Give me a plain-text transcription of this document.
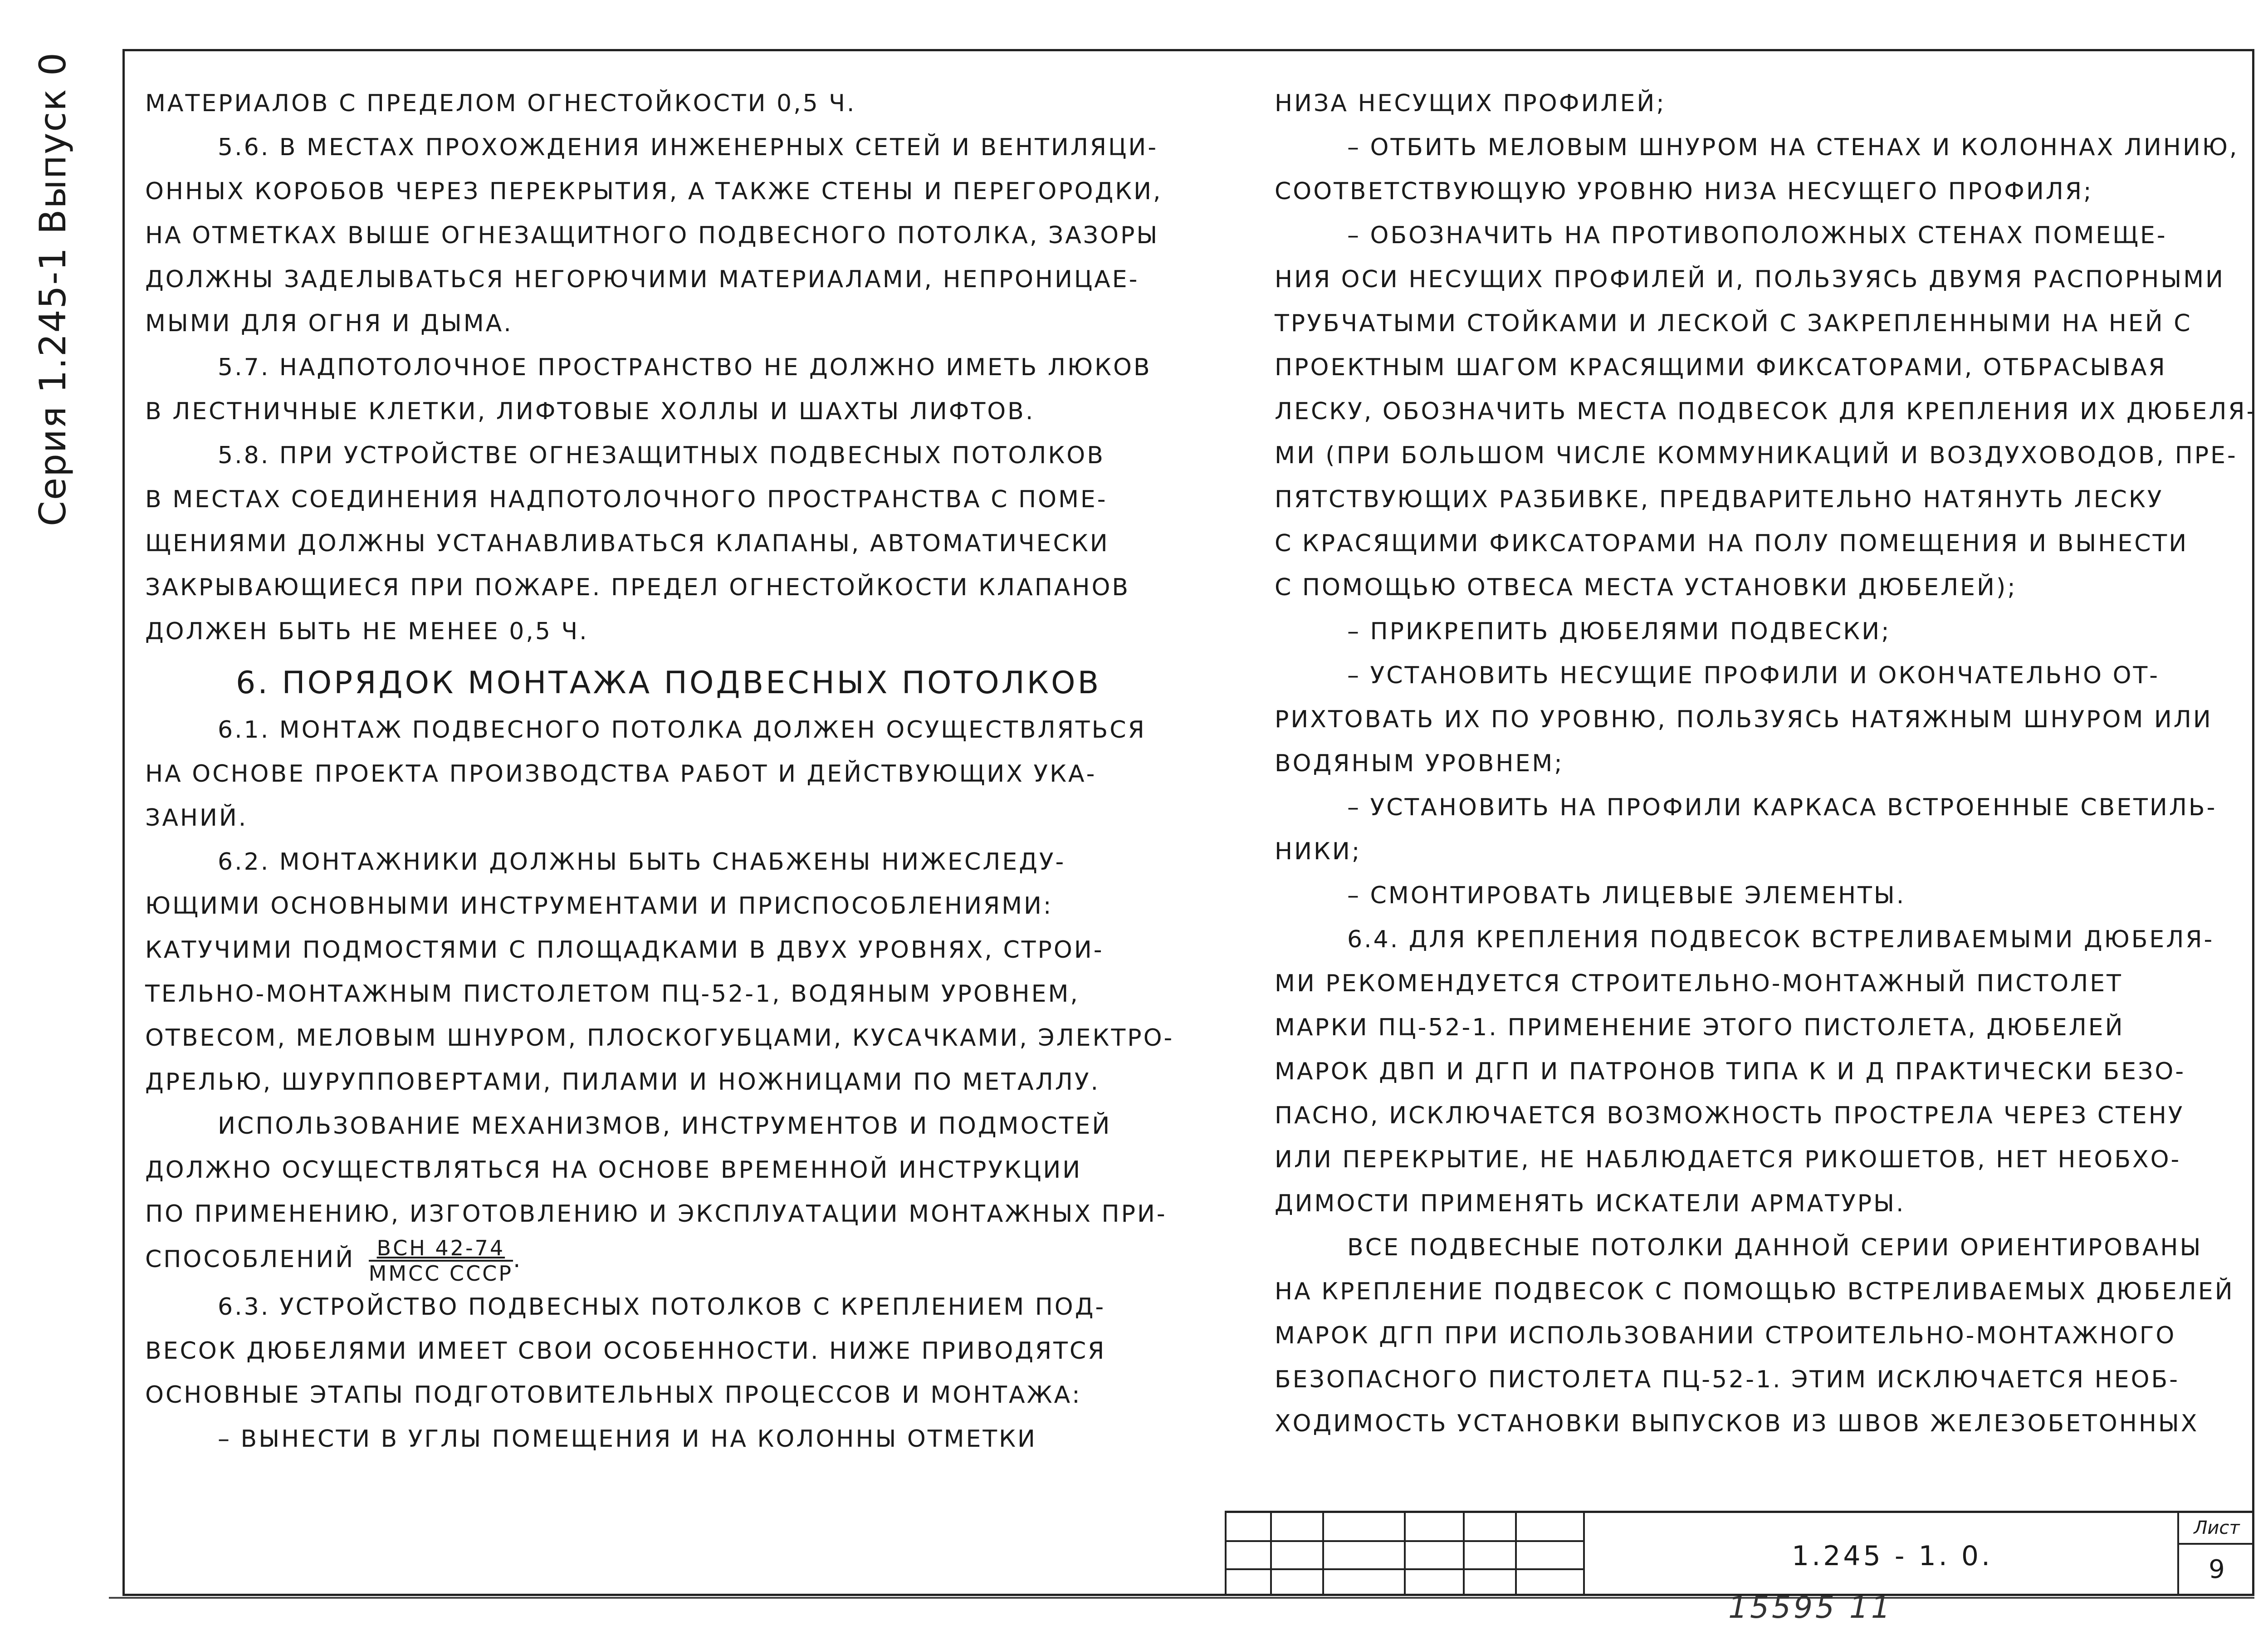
Серия 1.245-1 Выпуск 0	МАТЕРИАЛОВ С ПРЕДЕЛОМ ОГНЕСТОЙКОСТИ 0,5 Ч.
5.6. В МЕСТАХ ПРОХОЖДЕНИЯ ИНЖЕНЕРНЫХ СЕТЕЙ И ВЕНТИЛЯЦИ-
ОННЫХ КОРОБОВ ЧЕРЕЗ ПЕРЕКРЫТИЯ, А ТАКЖЕ СТЕНЫ И ПЕРЕГОРОДКИ,
НА ОТМЕТКАХ ВЫШЕ ОГНЕЗАЩИТНОГО ПОДВЕСНОГО ПОТОЛКА, ЗАЗОРЫ
ДОЛЖНЫ ЗАДЕЛЫВАТЬСЯ НЕГОРЮЧИМИ МАТЕРИАЛАМИ, НЕПРОНИЦАЕ-
МЫМИ ДЛЯ ОГНЯ И ДЫМА.
5.7. НАДПОТОЛОЧНОЕ ПРОСТРАНСТВО НЕ ДОЛЖНО ИМЕТЬ ЛЮКОВ
В ЛЕСТНИЧНЫЕ КЛЕТКИ, ЛИФТОВЫЕ ХОЛЛЫ И ШАХТЫ ЛИФТОВ.
5.8. ПРИ УСТРОЙСТВЕ ОГНЕЗАЩИТНЫХ ПОДВЕСНЫХ ПОТОЛКОВ
В МЕСТАХ СОЕДИНЕНИЯ НАДПОТОЛОЧНОГО ПРОСТРАНСТВА С ПОМЕ-
ЩЕНИЯМИ ДОЛЖНЫ УСТАНАВЛИВАТЬСЯ КЛАПАНЫ, АВТОМАТИЧЕСКИ
ЗАКРЫВАЮЩИЕСЯ ПРИ ПОЖАРЕ. ПРЕДЕЛ ОГНЕСТОЙКОСТИ КЛАПАНОВ
ДОЛЖЕН БЫТЬ НЕ МЕНЕЕ 0,5 Ч.
6. ПОРЯДОК МОНТАЖА ПОДВЕСНЫХ ПОТОЛКОВ
6.1. МОНТАЖ ПОДВЕСНОГО ПОТОЛКА ДОЛЖЕН ОСУЩЕСТВЛЯТЬСЯ
НА ОСНОВЕ ПРОЕКТА ПРОИЗВОДСТВА РАБОТ И ДЕЙСТВУЮЩИХ УКА-
ЗАНИЙ.
6.2. МОНТАЖНИКИ ДОЛЖНЫ БЫТЬ СНАБЖЕНЫ НИЖЕСЛЕДУ-
ЮЩИМИ ОСНОВНЫМИ ИНСТРУМЕНТАМИ И ПРИСПОСОБЛЕНИЯМИ:
КАТУЧИМИ ПОДМОСТЯМИ С ПЛОЩАДКАМИ В ДВУХ УРОВНЯХ, СТРОИ-
ТЕЛЬНО-МОНТАЖНЫМ ПИСТОЛЕТОМ ПЦ-52-1, ВОДЯНЫМ УРОВНЕМ,
ОТВЕСОМ, МЕЛОВЫМ ШНУРОМ, ПЛОСКОГУБЦАМИ, КУСАЧКАМИ, ЭЛЕКТРО-
ДРЕЛЬЮ, ШУРУППОВЕРТАМИ, ПИЛАМИ И НОЖНИЦАМИ ПО МЕТАЛЛУ.
ИСПОЛЬЗОВАНИЕ МЕХАНИЗМОВ, ИНСТРУМЕНТОВ И ПОДМОСТЕЙ
ДОЛЖНО ОСУЩЕСТВЛЯТЬСЯ НА ОСНОВЕ ВРЕМЕННОЙ ИНСТРУКЦИИ
ПО ПРИМЕНЕНИЮ, ИЗГОТОВЛЕНИЮ И ЭКСПЛУАТАЦИИ МОНТАЖНЫХ ПРИ-
СПОСОБЛЕНИЙ $\frac{\text{ВСН 42-74}}{\text{ММСС СССР}}$ .
6.3. УСТРОЙСТВО ПОДВЕСНЫХ ПОТОЛКОВ С КРЕПЛЕНИЕМ ПОД-
ВЕСОК ДЮБЕЛЯМИ ИМЕЕТ СВОИ ОСОБЕННОСТИ. НИЖЕ ПРИВОДЯТСЯ
ОСНОВНЫЕ ЭТАПЫ ПОДГОТОВИТЕЛЬНЫХ ПРОЦЕССОВ И МОНТАЖА:
– ВЫНЕСТИ В УГЛЫ ПОМЕЩЕНИЯ И НА КОЛОННЫ ОТМЕТКИ
НИЗА НЕСУЩИХ ПРОФИЛЕЙ;
– ОТБИТЬ МЕЛОВЫМ ШНУРОМ НА СТЕНАХ И КОЛОННАХ ЛИНИЮ,
СООТВЕТСТВУЮЩУЮ УРОВНЮ НИЗА НЕСУЩЕГО ПРОФИЛЯ;
– ОБОЗНАЧИТЬ НА ПРОТИВОПОЛОЖНЫХ СТЕНАХ ПОМЕЩЕ-
НИЯ ОСИ НЕСУЩИХ ПРОФИЛЕЙ И, ПОЛЬЗУЯСЬ ДВУМЯ РАСПОРНЫМИ
ТРУБЧАТЫМИ СТОЙКАМИ И ЛЕСКОЙ С ЗАКРЕПЛЕННЫМИ НА НЕЙ С
ПРОЕКТНЫМ ШАГОМ КРАСЯЩИМИ ФИКСАТОРАМИ, ОТБРАСЫВАЯ
ЛЕСКУ, ОБОЗНАЧИТЬ МЕСТА ПОДВЕСОК ДЛЯ КРЕПЛЕНИЯ ИХ ДЮБЕЛЯ-
МИ (ПРИ БОЛЬШОМ ЧИСЛЕ КОММУНИКАЦИЙ И ВОЗДУХОВОДОВ, ПРЕ-
ПЯТСТВУЮЩИХ РАЗБИВКЕ, ПРЕДВАРИТЕЛЬНО НАТЯНУТЬ ЛЕСКУ
С КРАСЯЩИМИ ФИКСАТОРАМИ НА ПОЛУ ПОМЕЩЕНИЯ И ВЫНЕСТИ
С ПОМОЩЬЮ ОТВЕСА МЕСТА УСТАНОВКИ ДЮБЕЛЕЙ);
– ПРИКРЕПИТЬ ДЮБЕЛЯМИ ПОДВЕСКИ;
– УСТАНОВИТЬ НЕСУЩИЕ ПРОФИЛИ И ОКОНЧАТЕЛЬНО ОТ-
РИХТОВАТЬ ИХ ПО УРОВНЮ, ПОЛЬЗУЯСЬ НАТЯЖНЫМ ШНУРОМ ИЛИ
ВОДЯНЫМ УРОВНЕМ;
– УСТАНОВИТЬ НА ПРОФИЛИ КАРКАСА ВСТРОЕННЫЕ СВЕТИЛЬ-
НИКИ;
– СМОНТИРОВАТЬ ЛИЦЕВЫЕ ЭЛЕМЕНТЫ.
6.4. ДЛЯ КРЕПЛЕНИЯ ПОДВЕСОК ВСТРЕЛИВАЕМЫМИ ДЮБЕЛЯ-
МИ РЕКОМЕНДУЕТСЯ СТРОИТЕЛЬНО-МОНТАЖНЫЙ ПИСТОЛЕТ
МАРКИ ПЦ-52-1. ПРИМЕНЕНИЕ ЭТОГО ПИСТОЛЕТА, ДЮБЕЛЕЙ
МАРОК ДВП И ДГП И ПАТРОНОВ ТИПА К И Д ПРАКТИЧЕСКИ БЕЗО-
ПАСНО, ИСКЛЮЧАЕТСЯ ВОЗМОЖНОСТЬ ПРОСТРЕЛА ЧЕРЕЗ СТЕНУ
ИЛИ ПЕРЕКРЫТИЕ, НЕ НАБЛЮДАЕТСЯ РИКОШЕТОВ, НЕТ НЕОБХО-
ДИМОСТИ ПРИМЕНЯТЬ ИСКАТЕЛИ АРМАТУРЫ.
ВСЕ ПОДВЕСНЫЕ ПОТОЛКИ ДАННОЙ СЕРИИ ОРИЕНТИРОВАНЫ
НА КРЕПЛЕНИЕ ПОДВЕСОК С ПОМОЩЬЮ ВСТРЕЛИВАЕМЫХ ДЮБЕЛЕЙ
МАРОК ДГП ПРИ ИСПОЛЬЗОВАНИИ СТРОИТЕЛЬНО-МОНТАЖНОГО
БЕЗОПАСНОГО ПИСТОЛЕТА ПЦ-52-1. ЭТИМ ИСКЛЮЧАЕТСЯ НЕОБ-
ХОДИМОСТЬ УСТАНОВКИ ВЫПУСКОВ ИЗ ШВОВ ЖЕЛЕЗОБЕТОННЫХ
1.245 - 1. 0.
Лист
9
15595 11
